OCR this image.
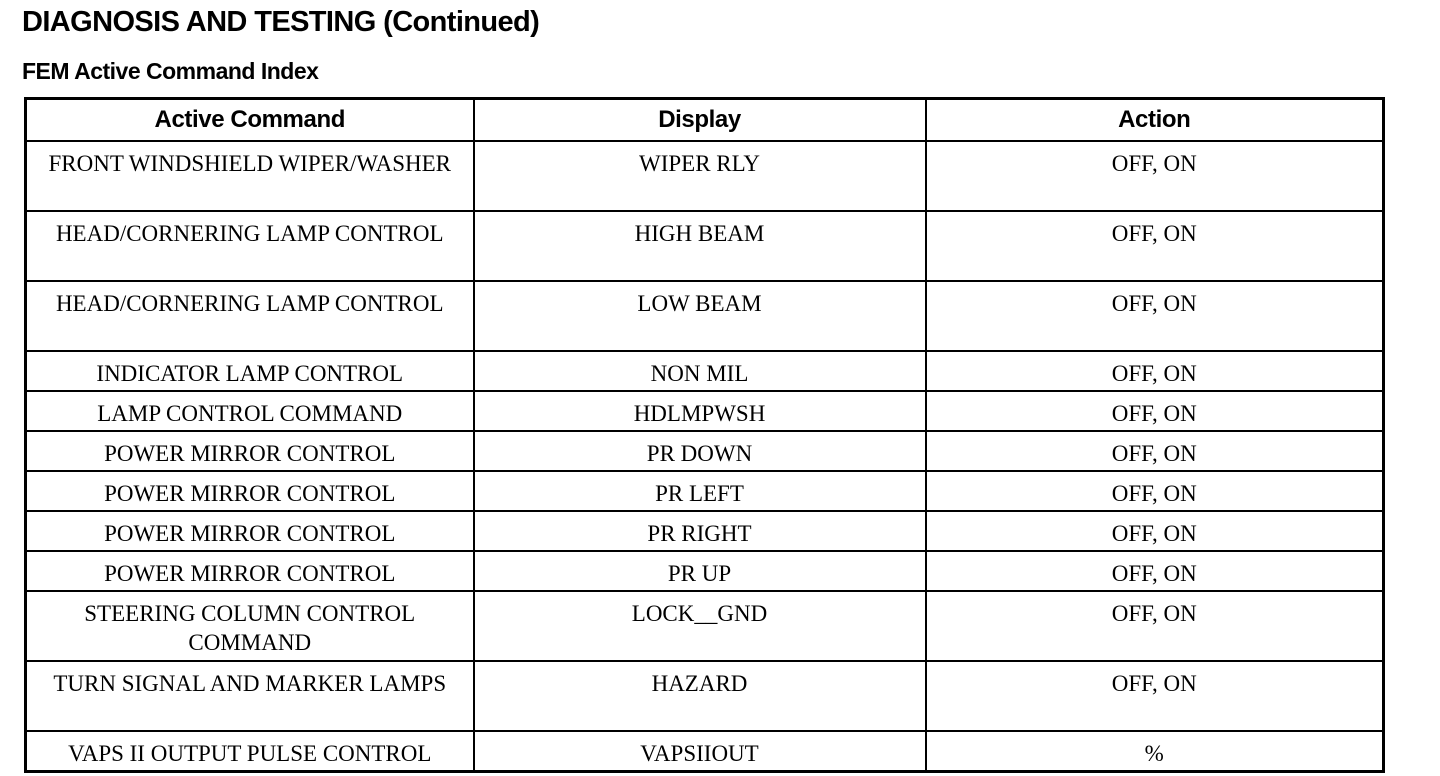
DIAGNOSIS AND TESTING (Continued)
FEM Active Command Index
Active Command	Display	Action
FRONT WINDSHIELD WIPER/WASHER	WIPER RLY	OFF, ON
HEAD/CORNERING LAMP CONTROL	HIGH BEAM	OFF, ON
HEAD/CORNERING LAMP CONTROL	LOW BEAM	OFF, ON
INDICATOR LAMP CONTROL	NON MIL	OFF, ON
LAMP CONTROL COMMAND	HDLMPWSH	OFF, ON
POWER MIRROR CONTROL	PR DOWN	OFF, ON
POWER MIRROR CONTROL	PR LEFT	OFF, ON
POWER MIRROR CONTROL	PR RIGHT	OFF, ON
POWER MIRROR CONTROL	PR UP	OFF, ON
STEERING COLUMN CONTROL COMMAND	LOCK__GND	OFF, ON
TURN SIGNAL AND MARKER LAMPS	HAZARD	OFF, ON
VAPS II OUTPUT PULSE CONTROL	VAPSIIOUT	%
